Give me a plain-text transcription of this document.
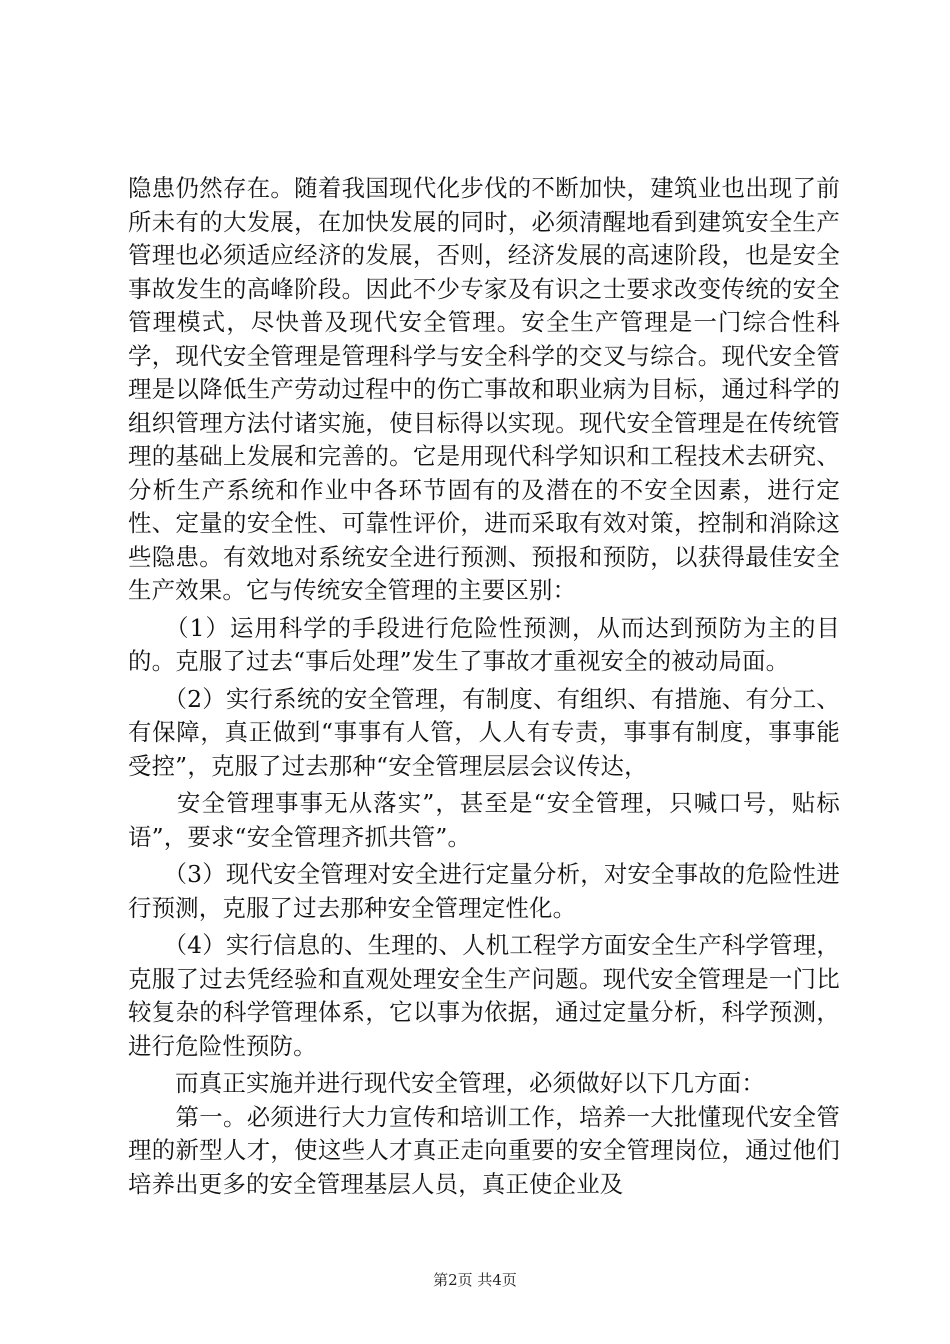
隐患仍然存在。随着我国现代化步伐的不断加快，建筑业也出现了前所未有的大发展，在加快发展的同时，必须清醒地看到建筑安全生产管理也必须适应经济的发展，否则，经济发展的高速阶段，也是安全事故发生的高峰阶段。因此不少专家及有识之士要求改变传统的安全管理模式，尽快普及现代安全管理。安全生产管理是一门综合性科学，现代安全管理是管理科学与安全科学的交叉与综合。现代安全管理是以降低生产劳动过程中的伤亡事故和职业病为目标，通过科学的组织管理方法付诸实施，使目标得以实现。现代安全管理是在传统管理的基础上发展和完善的。它是用现代科学知识和工程技术去研究、分析生产系统和作业中各环节固有的及潜在的不安全因素，进行定性、定量的安全性、可靠性评价，进而采取有效对策，控制和消除这些隐患。有效地对系统安全进行预测、预报和预防，以获得最佳安全生产效果。它与传统安全管理的主要区别：

　　（1）运用科学的手段进行危险性预测，从而达到预防为主的目的。克服了过去“事后处理”发生了事故才重视安全的被动局面。

　　（2）实行系统的安全管理，有制度、有组织、有措施、有分工、有保障，真正做到“事事有人管，人人有专责，事事有制度，事事能受控”，克服了过去那种“安全管理层层会议传达，

　　安全管理事事无从落实”，甚至是“安全管理，只喊口号，贴标语”，要求“安全管理齐抓共管”。

　　（3）现代安全管理对安全进行定量分析，对安全事故的危险性进行预测，克服了过去那种安全管理定性化。

　　（4）实行信息的、生理的、人机工程学方面安全生产科学管理，克服了过去凭经验和直观处理安全生产问题。现代安全管理是一门比较复杂的科学管理体系，它以事为依据，通过定量分析，科学预测，进行危险性预防。

　　而真正实施并进行现代安全管理，必须做好以下几方面：

　　第一。必须进行大力宣传和培训工作，培养一大批懂现代安全管理的新型人才，使这些人才真正走向重要的安全管理岗位，通过他们培养出更多的安全管理基层人员，真正使企业及

第2页 共4页
